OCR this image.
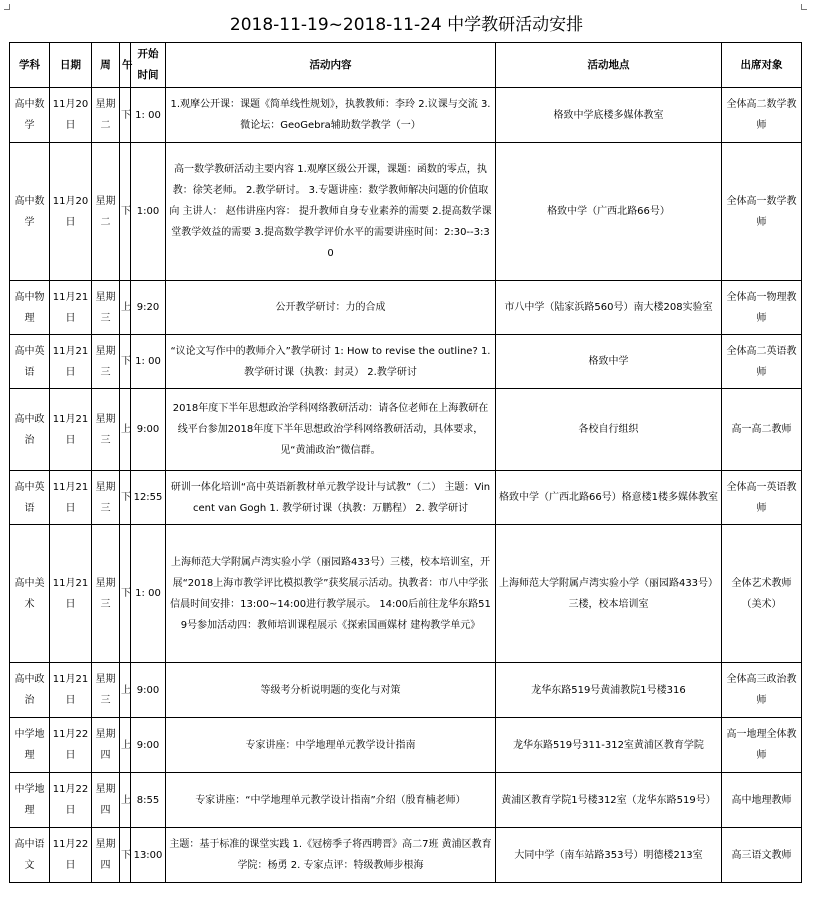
2018-11-19~2018-11-24 中学教研活动安排
学科	日期	周	午	开始时间	活动内容	活动地点	出席对象
高中数学	11月20日	星期二	下	1: 00	1.观摩公开课：课题《简单线性规划》，执教教师：李玲 2.议课与交流 3.微论坛：GeoGebra辅助数学教学（一）	格致中学底楼多媒体教室	全体高二数学教师
高中数学	11月20日	星期二	下	1:00	高一数学教研活动主要内容 1.观摩区级公开课，课题：函数的零点，执教：徐笑老师。 2.教学研讨。 3.专题讲座：数学教师解决问题的价值取向 主讲人： 赵伟讲座内容： 提升教师自身专业素养的需要 2.提高数学课堂教学效益的需要 3.提高数学教学评价水平的需要讲座时间：2:30--3:30	格致中学（广西北路66号）	全体高一数学教师
高中物理	11月21日	星期三	上	9:20	公开教学研讨：力的合成	市八中学（陆家浜路560号）南大楼208实验室	全体高一物理教师
高中英语	11月21日	星期三	下	1: 00	“议论文写作中的教师介入”教学研讨 1: How to revise the outline? 1.教学研讨课（执教：封灵） 2.教学研讨	格致中学	全体高二英语教师
高中政治	11月21日	星期三	上	9:00	2018年度下半年思想政治学科网络教研活动：请各位老师在上海教研在线平台参加2018年度下半年思想政治学科网络教研活动，具体要求，见“黄浦政治”微信群。	各校自行组织	高一高二教师
高中英语	11月21日	星期三	下	12:55	研训一体化培训“高中英语新教材单元教学设计与试教”（二） 主题：Vincent van Gogh 1. 教学研讨课（执教：万鹏程） 2. 教学研讨	格致中学（广西北路66号）格意楼1楼多媒体教室	全体高一英语教师
高中美术	11月21日	星期三	下	1: 00	上海师范大学附属卢湾实验小学（丽园路433号）三楼，校本培训室，开展“2018上海市教学评比模拟教学”获奖展示活动。执教者：市八中学张信晨时间安排：13:00~14:00进行教学展示。 14:00后前往龙华东路519号参加活动四：教师培训课程展示《探索国画媒材 建构教学单元》	上海师范大学附属卢湾实验小学（丽园路433号）三楼，校本培训室	全体艺术教师（美术）
高中政治	11月21日	星期三	上	9:00	等级考分析说明题的变化与对策	龙华东路519号黄浦教院1号楼316	全体高三政治教师
中学地理	11月22日	星期四	上	9:00	专家讲座：中学地理单元教学设计指南	龙华东路519号311-312室黄浦区教育学院	高一地理全体教师
中学地理	11月22日	星期四	上	8:55	专家讲座：“中学地理单元教学设计指南”介绍（殷育楠老师）	黄浦区教育学院1号楼312室（龙华东路519号）	高中地理教师
高中语文	11月22日	星期四	下	13:00	主题：基于标准的课堂实践 1.《冠榜季子将西聘晋》高二7班 黄浦区教育学院：杨勇 2. 专家点评：特级教师步根海	大同中学（南车站路353号）明德楼213室	高三语文教师
